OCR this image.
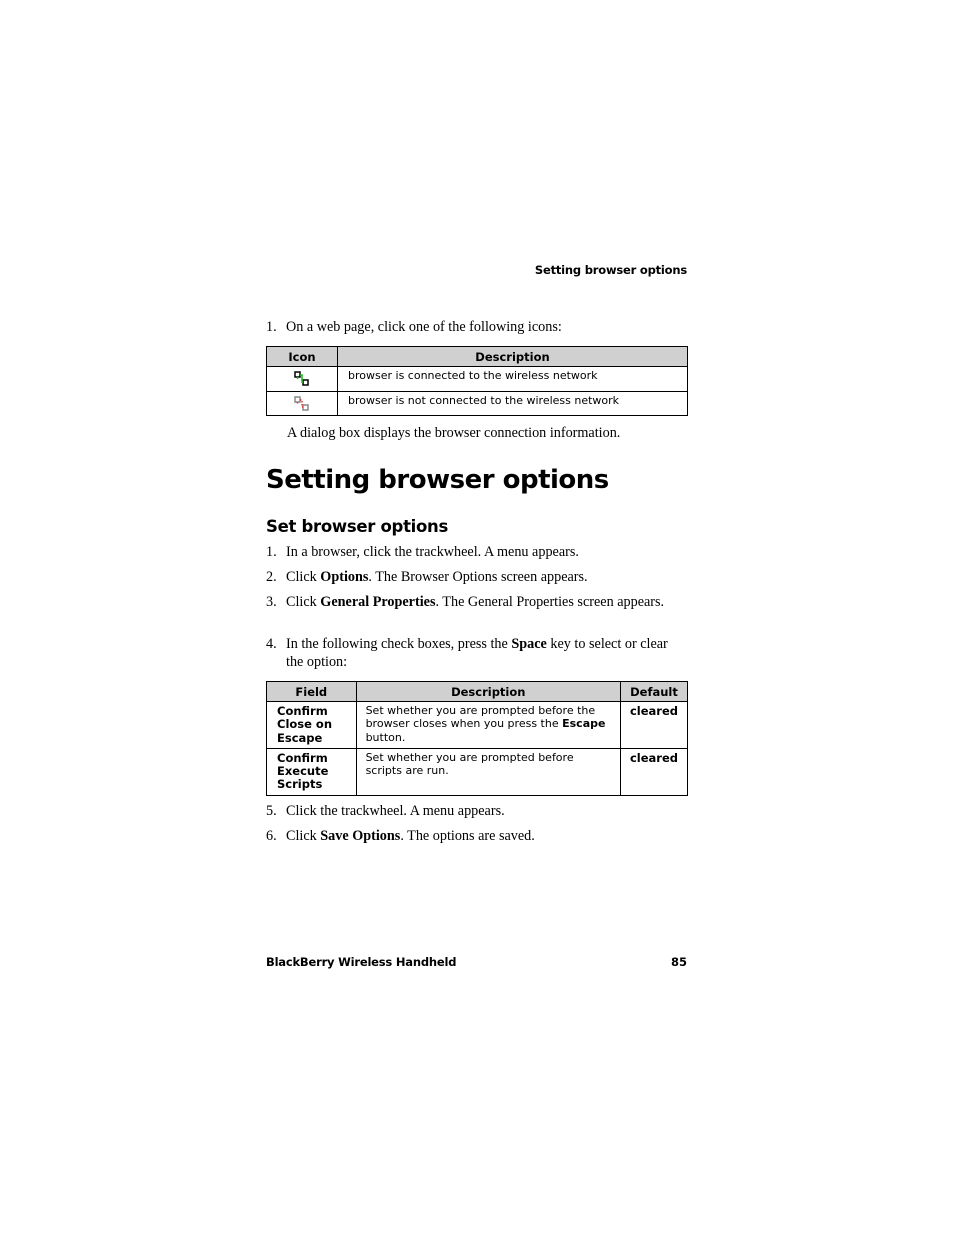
Setting browser options
1. On a web page, click one of the following icons:
Icon	Description

	browser is connected to the wireless network

	browser is not connected to the wireless network
A dialog box displays the browser connection information.
Setting browser options
Set browser options
1. In a browser, click the trackwheel. A menu appears.
2. Click Options. The Browser Options screen appears.
3. Click General Properties. The General Properties screen appears.
4. In the following check boxes, press the Space key to select or clear the option:
Field	Description	Default
Confirm Close on Escape	Set whether you are prompted before the browser closes when you press the Escape button.	cleared
Confirm Execute Scripts	Set whether you are prompted before scripts are run.	cleared
5. Click the trackwheel. A menu appears.
6. Click Save Options. The options are saved.
BlackBerry Wireless Handheld	85
